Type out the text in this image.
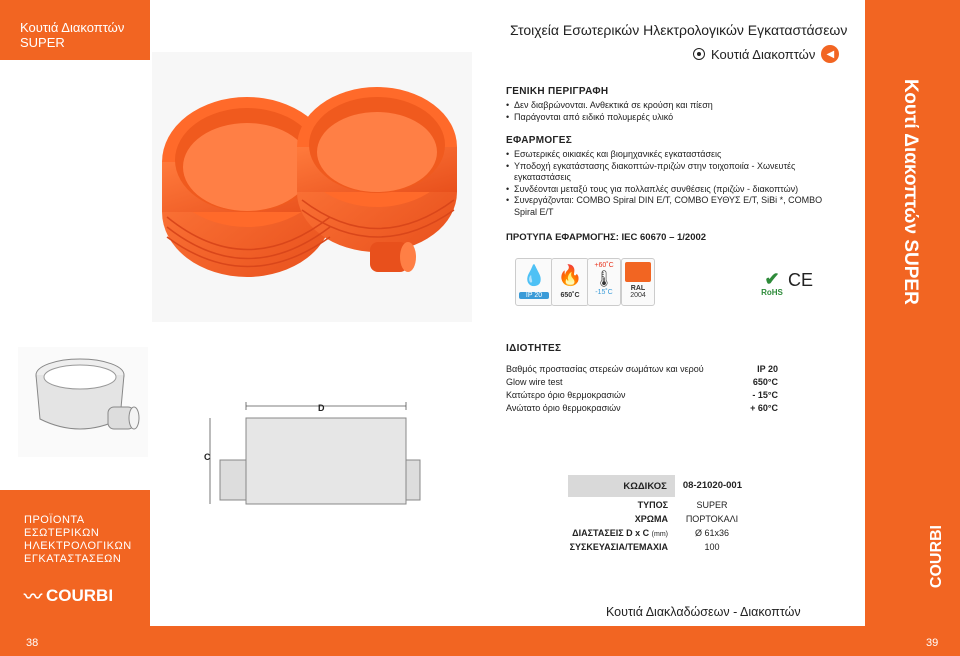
Κουτιά Διακοπτών
SUPER
Στοιχεία Εσωτερικών Ηλεκτρολογικών Εγκαταστάσεων
Κουτιά Διακοπτών	◀
ΓΕΝΙΚΗ ΠΕΡΙΓΡΑΦΗ
• Δεν διαβρώνονται. Ανθεκτικά σε κρούση και πίεση
• Παράγονται από ειδικό πολυμερές υλικό
ΕΦΑΡΜΟΓΕΣ
• Εσωτερικές οικιακές και βιομηχανικές εγκαταστάσεις
• Υποδοχή εγκατάστασης διακοπτών-πριζών στην τοιχοποιία - Χωνευτές εγκαταστάσεις
• Συνδέονται μεταξύ τους για πολλαπλές συνθέσεις (πριζών - διακοπτών)
• Συνεργάζονται: COMBO Spiral DIN E/T, COMBO ΕΥΘΥΣ E/T, SiBi *, COMBO Spiral E/T
ΠΡΟΤΥΠΑ ΕΦΑΡΜΟΓΗΣ: IEC 60670 – 1/2002
💧
IP 20
🔥
650˚C
+60˚C
🌡
-15˚C
RAL
2004
✔
RoHS
CE
D
C
ΙΔΙΟΤΗΤΕΣ
Βαθμός προστασίας στερεών σωμάτων και νερού	IP 20
Glow wire test	650°C
Κατώτερο όριο θερμοκρασιών	- 15°C
Ανώτατο όριο θερμοκρασιών	+ 60°C
ΚΩΔΙΚΟΣ	08-21020-001
ΤΥΠΟΣ	SUPER
ΧΡΩΜΑ	ΠΟΡΤΟΚΑΛΙ
ΔΙΑΣΤΑΣΕΙΣ D x C (mm)	Ø 61x36
ΣΥΣΚΕΥΑΣΙΑ/ΤΕΜΑΧΙΑ	100
ΠΡΟΪΟΝΤΑ
ΕΣΩΤΕΡΙΚΩΝ
ΗΛΕΚΤΡΟΛΟΓΙΚΩΝ
ΕΓΚΑΤΑΣΤΑΣΕΩΝ
〰 COURBI
Κουτί Διακοπτών SUPER
COURBI
Κουτιά Διακλαδώσεων - Διακοπτών
38	39
